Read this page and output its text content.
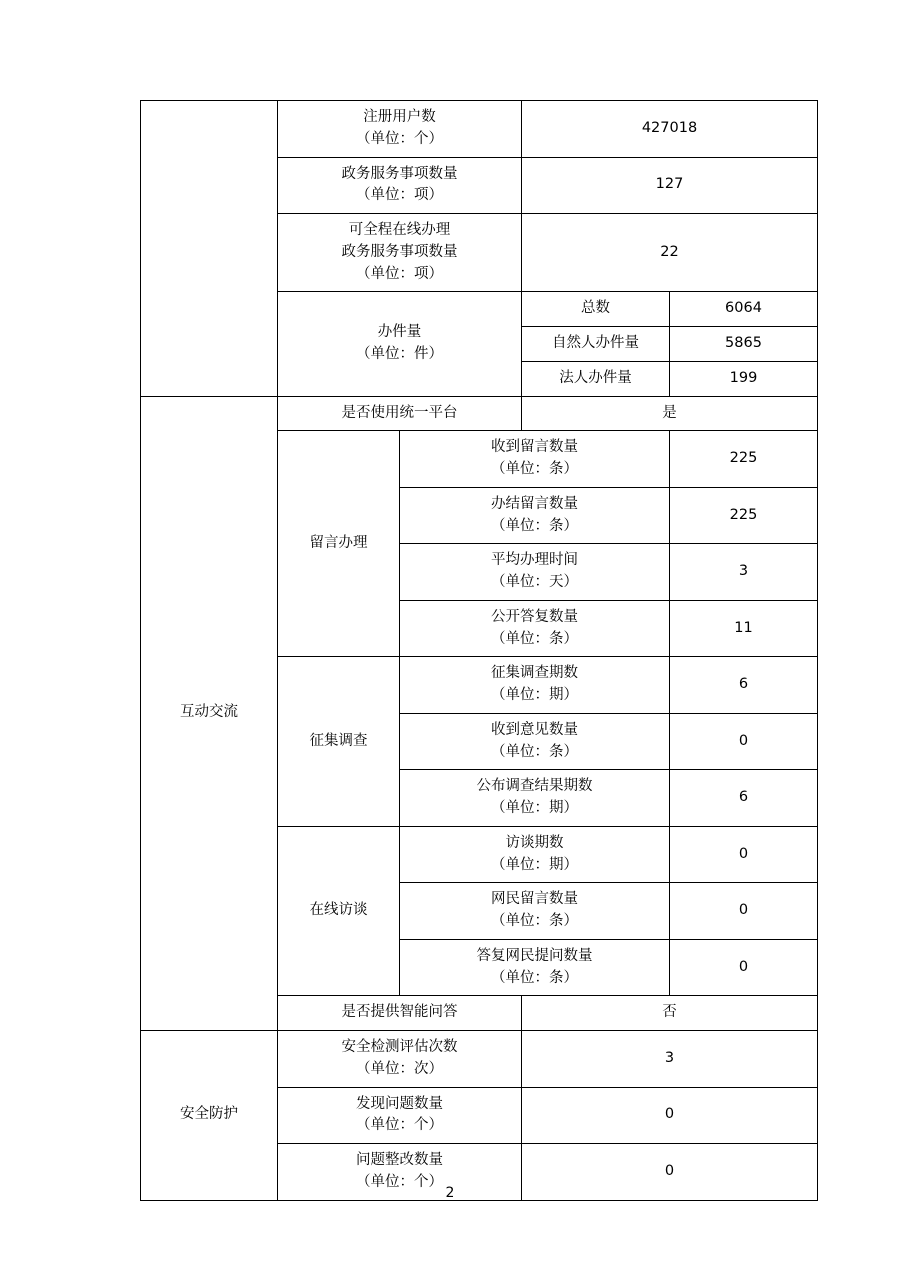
	注册用户数
（单位：个）		427018	

	政务服务事项数量
（单位：项）		127	

	可全程在线办理
政务服务事项数量
（单位：项）		22	

	办件量
（单位：件）		总数	6064
			自然人办件量	5865
			法人办件量	199
互动交流	是否使用统一平台		是	
	留言办理	收到留言数量
（单位：条）		225

		办结留言数量
（单位：条）		225

		平均办理时间
（单位：天）		3

		公开答复数量
（单位：条）		11
	征集调查	征集调查期数
（单位：期）		6

		收到意见数量
（单位：条）		0

		公布调查结果期数
（单位：期）		6
	在线访谈	访谈期数
（单位：期）		0

		网民留言数量
（单位：条）		0

		答复网民提问数量
（单位：条）		0
	是否提供智能问答		否	
安全防护	安全检测评估次数
（单位：次）		3	

	发现问题数量
（单位：个）		0	

	问题整改数量
（单位：个）		0	
2
